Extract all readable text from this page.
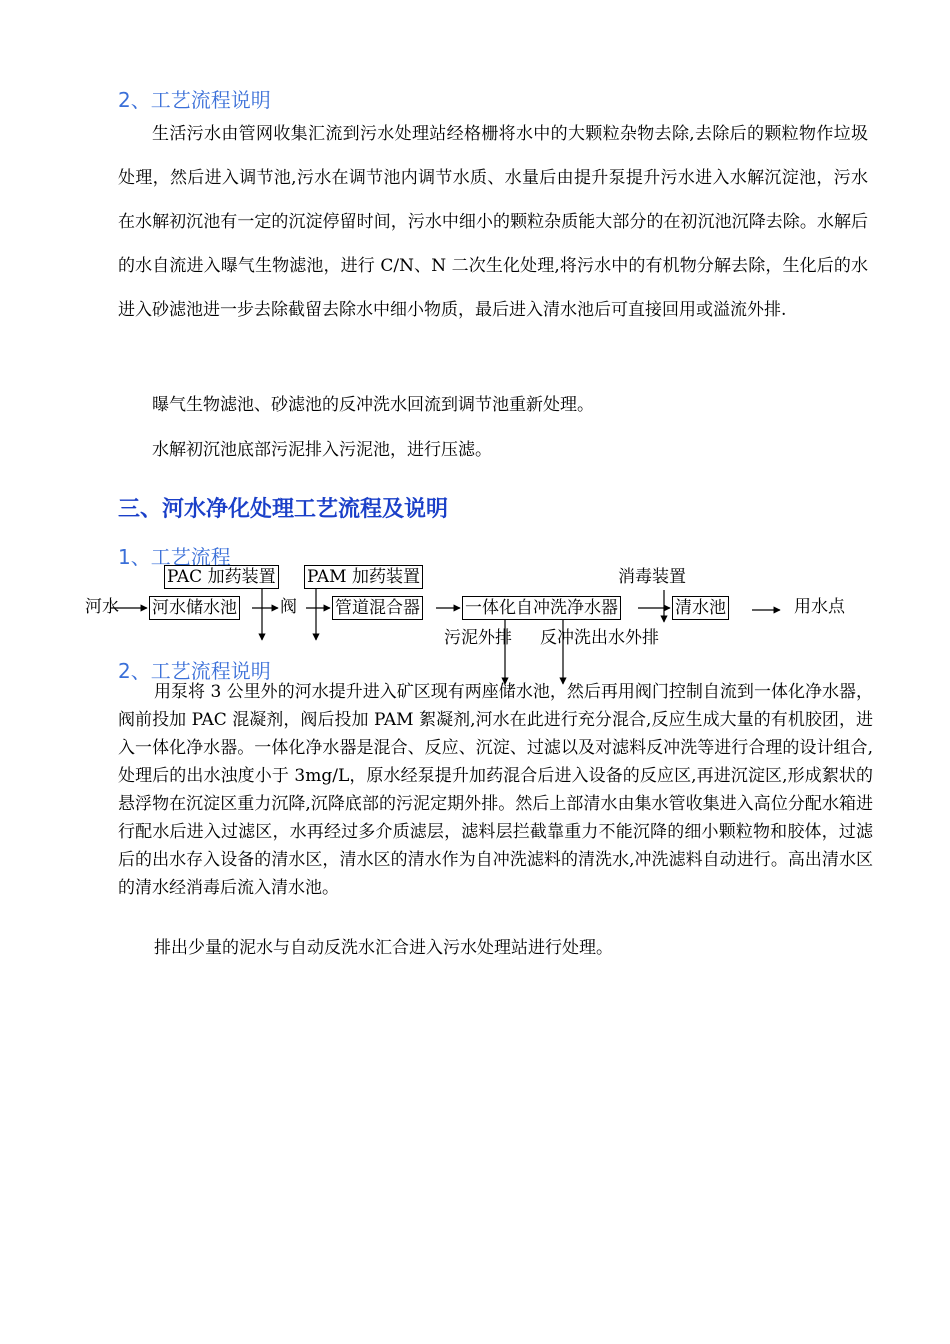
2、工艺流程说明
生活污水由管网收集汇流到污水处理站经格栅将水中的大颗粒杂物去除,去除后的颗粒物作垃圾处理，然后进入调节池,污水在调节池内调节水质、水量后由提升泵提升污水进入水解沉淀池，污水在水解初沉池有一定的沉淀停留时间，污水中细小的颗粒杂质能大部分的在初沉池沉降去除。水解后的水自流进入曝气生物滤池，进行 C/N、N 二次生化处理,将污水中的有机物分解去除，生化后的水进入砂滤池进一步去除截留去除水中细小物质，最后进入清水池后可直接回用或溢流外排.
曝气生物滤池、砂滤池的反冲洗水回流到调节池重新处理。
水解初沉池底部污泥排入污泥池，进行压滤。
三、河水净化处理工艺流程及说明
1、工艺流程
PAC 加药装置 PAM 加药装置	消毒装置
河水 河水储水池	阀 管道混合器	一体化自冲洗净水器	清水池	用水点
污泥外排 反冲洗出水外排
2、工艺流程说明
用泵将 3 公里外的河水提升进入矿区现有两座储水池，然后再用阀门控制自流到一体化净水器，阀前投加 PAC 混凝剂，阀后投加 PAM 絮凝剂,河水在此进行充分混合,反应生成大量的有机胶团，进入一体化净水器。一体化净水器是混合、反应、沉淀、过滤以及对滤料反冲洗等进行合理的设计组合,处理后的出水浊度小于 3mg/L，原水经泵提升加药混合后进入设备的反应区,再进沉淀区,形成絮状的悬浮物在沉淀区重力沉降,沉降底部的污泥定期外排。然后上部清水由集水管收集进入高位分配水箱进行配水后进入过滤区，水再经过多介质滤层，滤料层拦截靠重力不能沉降的细小颗粒物和胶体，过滤后的出水存入设备的清水区，清水区的清水作为自冲洗滤料的清洗水,冲洗滤料自动进行。高出清水区的清水经消毒后流入清水池。
排出少量的泥水与自动反洗水汇合进入污水处理站进行处理。
